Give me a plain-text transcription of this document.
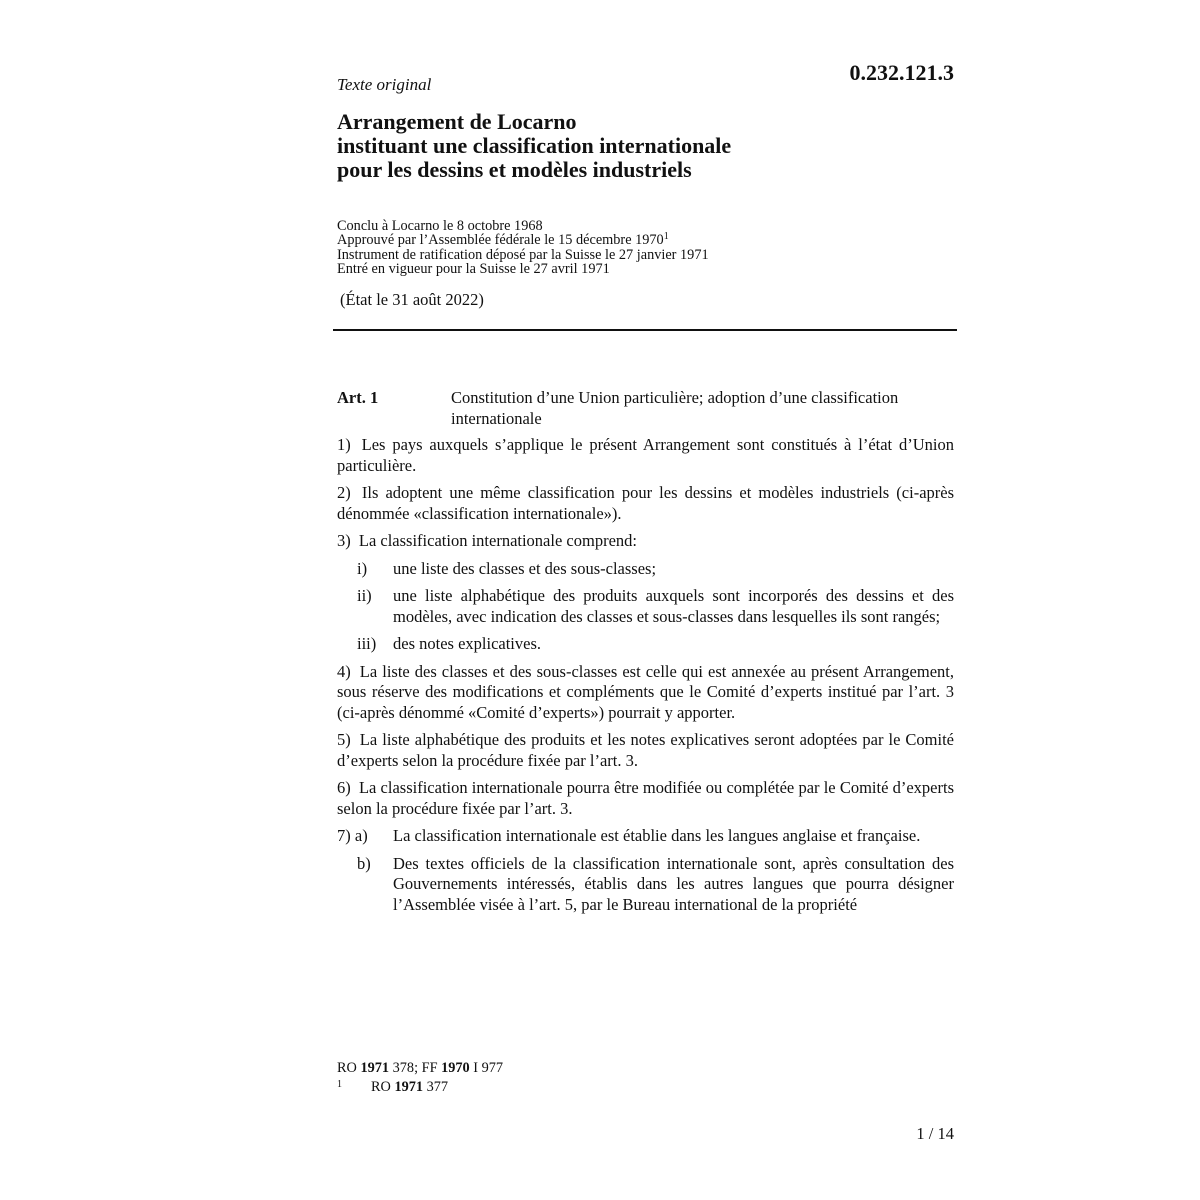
0.232.121.3
Texte original
Arrangement de Locarno
instituant une classification internationale
pour les dessins et modèles industriels
Conclu à Locarno le 8 octobre 1968
Approuvé par l’Assemblée fédérale le 15 décembre 1970$^1$
Instrument de ratification déposé par la Suisse le 27 janvier 1971
Entré en vigueur pour la Suisse le 27 avril 1971
(État le 31 août 2022)
Art. 1	Constitution d’une Union particulière; adoption d’une classification internationale

1) Les pays auxquels s’applique le présent Arrangement sont constitués à l’état d’Union particulière.

2) Ils adoptent une même classification pour les dessins et modèles industriels (ci-après dénommée «classification internationale»).

3) La classification internationale comprend:

i)	une liste des classes et des sous-classes;
ii)	une liste alphabétique des produits auxquels sont incorporés des dessins et des modèles, avec indication des classes et sous-classes dans lesquelles ils sont rangés;
iii)	des notes explicatives.

4) La liste des classes et des sous-classes est celle qui est annexée au présent Arrangement, sous réserve des modifications et compléments que le Comité d’experts institué par l’art. 3 (ci-après dénommé «Comité d’experts») pourrait y apporter.

5) La liste alphabétique des produits et les notes explicatives seront adoptées par le Comité d’experts selon la procédure fixée par l’art. 3.

6) La classification internationale pourra être modifiée ou complétée par le Comité d’experts selon la procédure fixée par l’art. 3.

7) a)	La classification internationale est établie dans les langues anglaise et française.
b)	Des textes officiels de la classification internationale sont, après consultation des Gouvernements intéressés, établis dans les autres langues que pourra désigner l’Assemblée visée à l’art. 5, par le Bureau international de la propriété
RO 1971 378; FF 1970 I 977
1	RO 1971 377
1 / 14
